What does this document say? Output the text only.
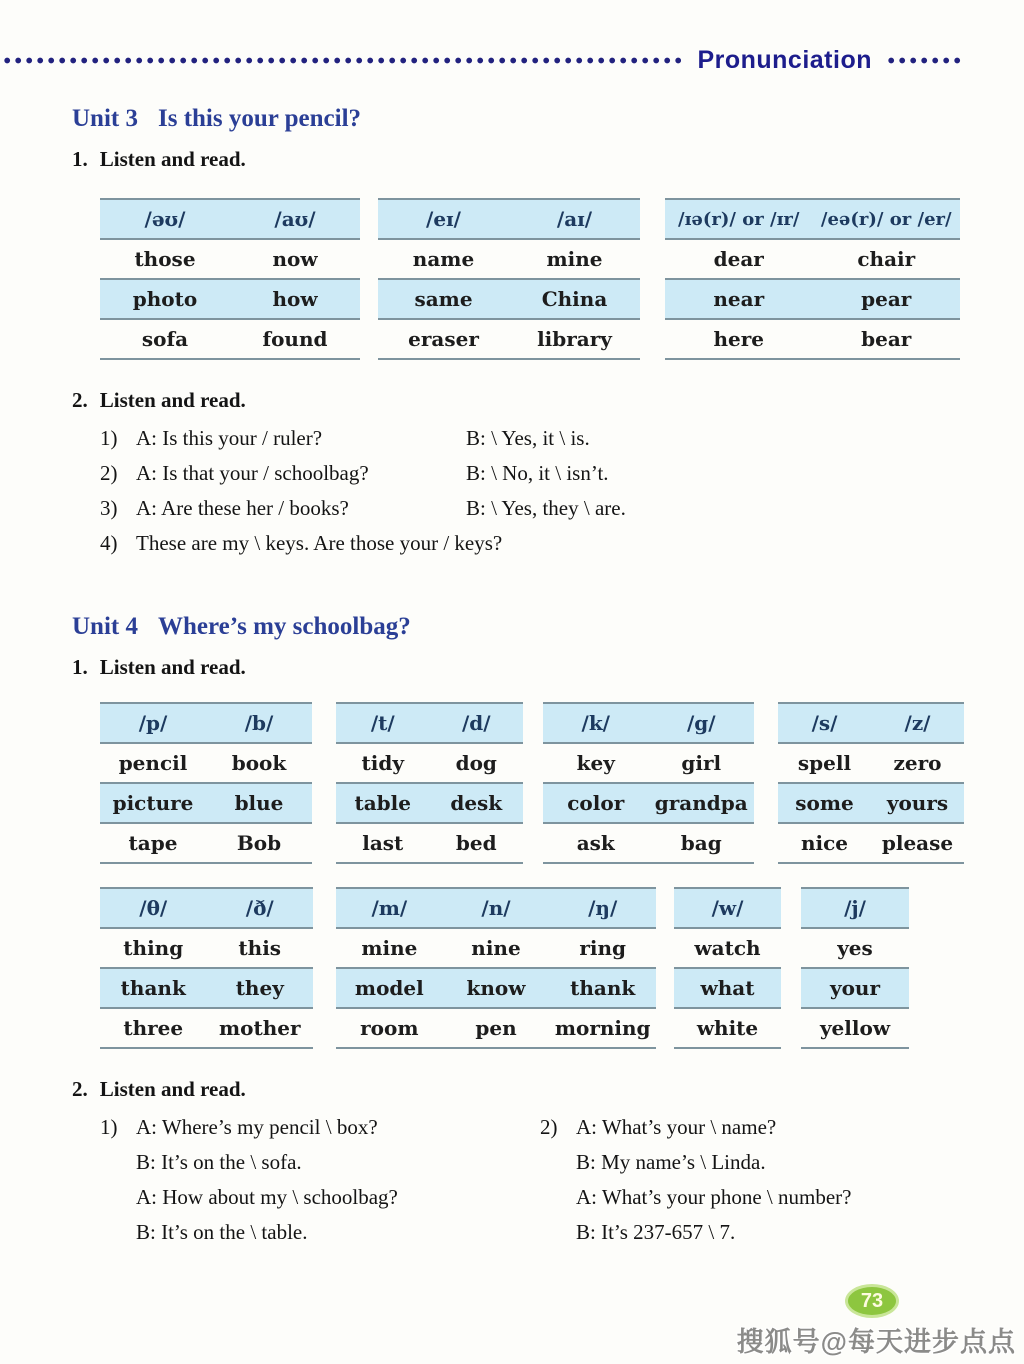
Pronunciation
Unit 3 Is this your pencil?
1. Listen and read.
/əʊ/	/aʊ/
those	now
photo	how
sofa	found
/eɪ/	/aɪ/
name	mine
same	China
eraser	library
/ɪə(r)/ or /ɪr/	/eə(r)/ or /er/
dear	chair
near	pear
here	bear
2. Listen and read.
1) A: Is this your / ruler?	B: \ Yes, it \ is.
2) A: Is that your / schoolbag?	B: \ No, it \ isn’t.
3) A: Are these her / books?	B: \ Yes, they \ are.
4) These are my \ keys. Are those your / keys?
Unit 4 Where’s my schoolbag?
1. Listen and read.
/p/	/b/
pencil	book
picture	blue
tape	Bob
/t/	/d/
tidy	dog
table	desk
last	bed
/k/	/g/
key	girl
color	grandpa
ask	bag
/s/	/z/
spell	zero
some	yours
nice	please
/θ/	/ð/
thing	this
thank	they
three	mother
/m/	/n/	/ŋ/
mine	nine	ring
model	know	thank
room	pen	morning
/w/
watch
what
white
/j/
yes
your
yellow
2. Listen and read.
1) A: Where’s my pencil \ box?
B: It’s on the \ sofa.
A: How about my \ schoolbag?
B: It’s on the \ table.
2) A: What’s your \ name?
B: My name’s \ Linda.
A: What’s your phone \ number?
B: It’s 237-657 \ 7.
73
搜狐号@每天进步点点
